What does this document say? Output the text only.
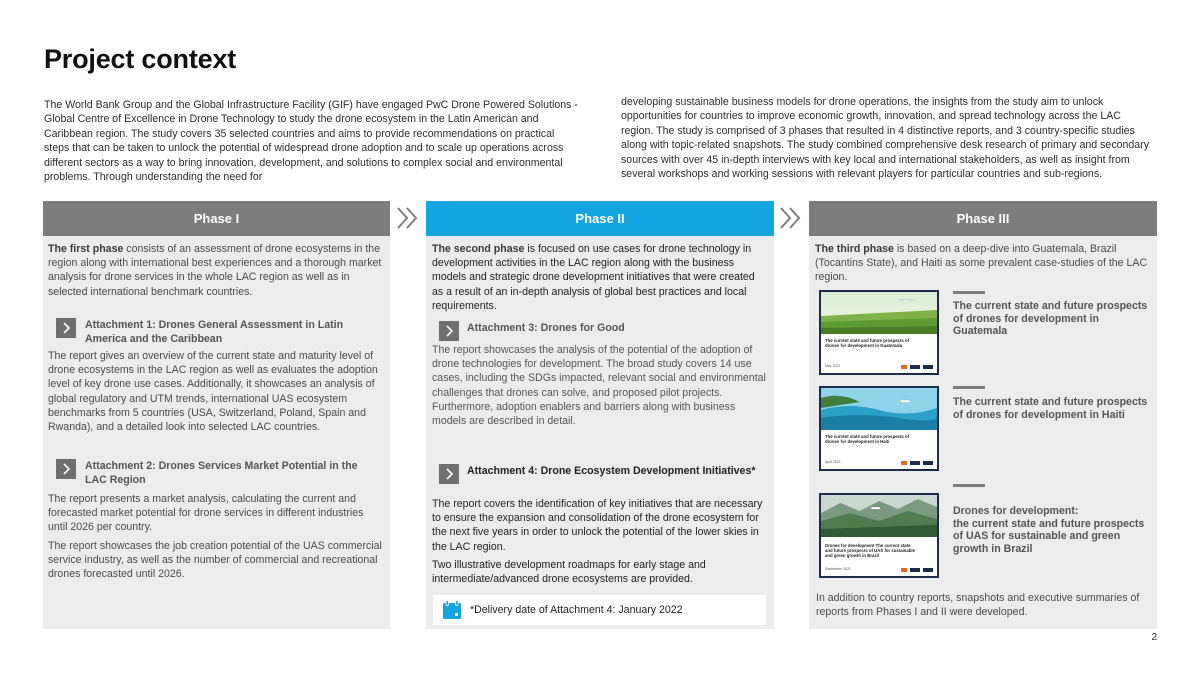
Project context
The World Bank Group and the Global Infrastructure Facility (GIF) have engaged PwC Drone Powered Solutions - Global Centre of Excellence in Drone Technology to study the drone ecosystem in the Latin American and Caribbean region. The study covers 35 selected countries and aims to provide recommendations on practical steps that can be taken to unlock the potential of widespread drone adoption and to scale up operations across different sectors as a way to bring innovation, development, and solutions to complex social and environmental problems. Through understanding the need for
developing sustainable business models for drone operations, the insights from the study aim to unlock opportunities for countries to improve economic growth, innovation, and spread technology across the LAC region. The study is comprised of 3 phases that resulted in 4 distinctive reports, and 3 country-specific studies along with topic-related snapshots. The study combined comprehensive desk research of primary and secondary sources with over 45 in-depth interviews with key local and international stakeholders, as well as insight from several workshops and working sessions with relevant players for particular countries and sub-regions.
Phase I
The first phase consists of an assessment of drone ecosystems in the region along with international best experiences and a thorough market analysis for drone services in the whole LAC region as well as in selected international benchmark countries.
Attachment 1: Drones General Assessment in Latin America and the Caribbean
The report gives an overview of the current state and maturity level of drone ecosystems in the LAC region as well as evaluates the adoption level of key drone use cases. Additionally, it showcases an analysis of global regulatory and UTM trends, international UAS ecosystem benchmarks from 5 countries (USA, Switzerland, Poland, Spain and Rwanda), and a detailed look into selected LAC countries.
Attachment 2: Drones Services Market Potential in the LAC Region
The report presents a market analysis, calculating the current and forecasted market potential for drone services in different industries until 2026 per country.
The report showcases the job creation potential of the UAS commercial service industry, as well as the number of commercial and recreational drones forecasted until 2026.
Phase II
The second phase is focused on use cases for drone technology in development activities in the LAC region along with the business models and strategic drone development initiatives that were created as a result of an in-depth analysis of global best practices and local requirements.
Attachment 3: Drones for Good
The report showcases the analysis of the potential of the adoption of drone technologies for development. The broad study covers 14 use cases, including the SDGs impacted, relevant social and environmental challenges that drones can solve, and proposed pilot projects. Furthermore, adoption enablers and barriers along with business models are described in detail.
Attachment 4: Drone Ecosystem Development Initiatives*
The report covers the identification of key initiatives that are necessary to ensure the expansion and consolidation of the drone ecosystem for the next five years in order to unlock the potential of the lower skies in the LAC region.
Two illustrative development roadmaps for early stage and intermediate/advanced drone ecosystems are provided.
*Delivery date of Attachment 4: January 2022
Phase III
The third phase is based on a deep-dive into Guatemala, Brazil (Tocantins State), and Haiti as some prevalent case-studies of the LAC region.
The current state and future prospects of drones for development in Guatemala
May 2021
The current state and future prospects of drones for development in Guatemala
The current state and future prospects of drones for development in Haiti
April 2021
The current state and future prospects of drones for development in Haiti
Drones for development The current state and future prospects of UAS for sustainable and green growth in Brazil
September 2021
Drones for development:
the current state and future prospects of UAS for sustainable and green growth in Brazil
In addition to country reports, snapshots and executive summaries of reports from Phases I and II were developed.
2
